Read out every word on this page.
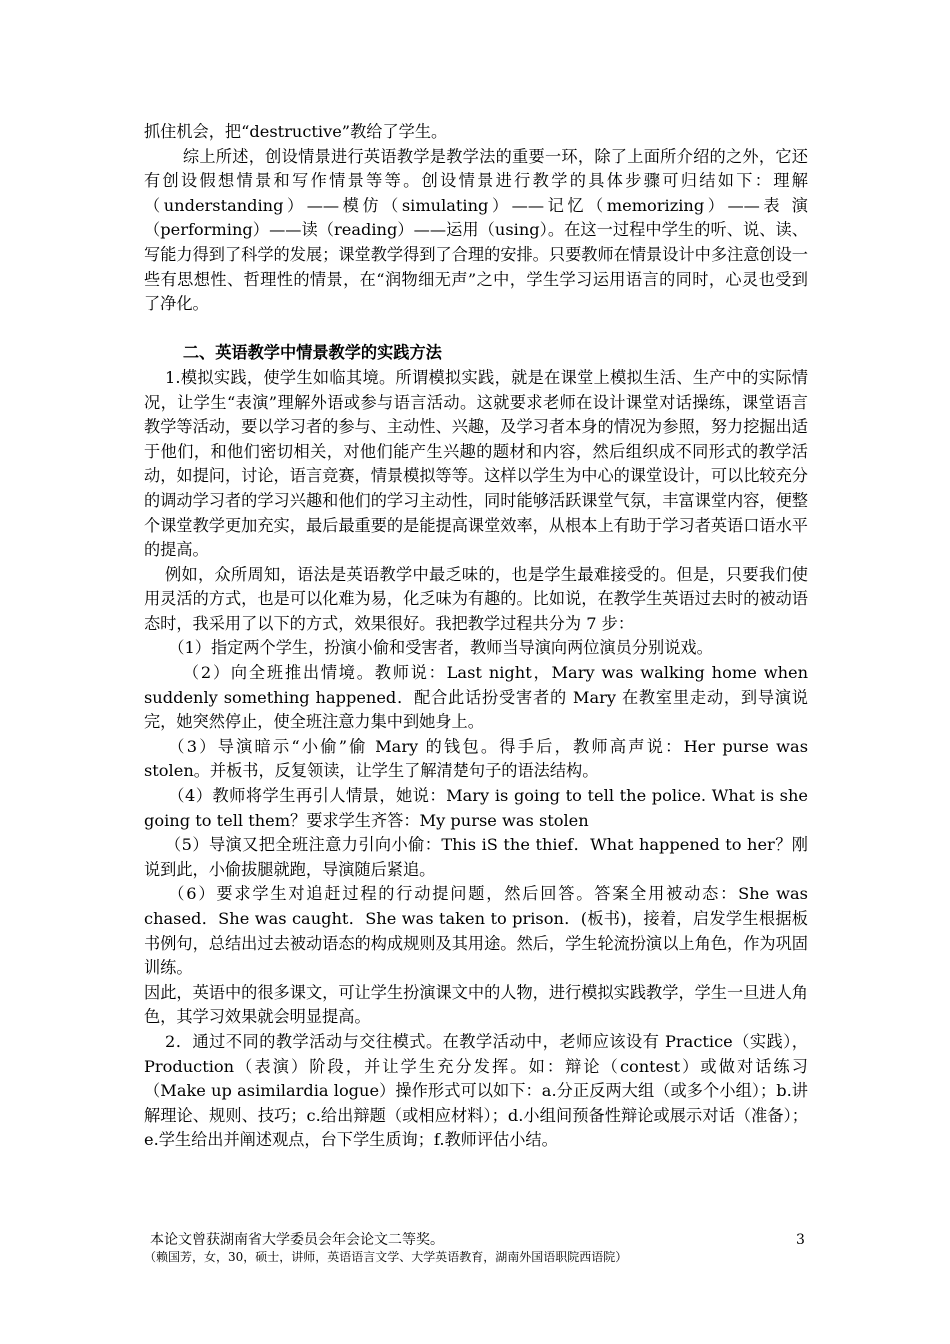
抓住机会，把“destructive”教给了学生。

综上所述，创设情景进行英语教学是教学法的重要一环，除了上面所介绍的之外，它还有创设假想情景和写作情景等等。创设情景进行教学的具体步骤可归结如下：理解（understanding）——模仿（simulating）——记忆（memorizing）——表 演（performing）——读（reading）——运用（using）。在这一过程中学生的听、说、读、写能力得到了科学的发展；课堂教学得到了合理的安排。只要教师在情景设计中多注意创设一些有思想性、哲理性的情景，在“润物细无声”之中，学生学习运用语言的同时，心灵也受到了净化。

二、英语教学中情景教学的实践方法

1.模拟实践，使学生如临其境。所谓模拟实践，就是在课堂上模拟生活、生产中的实际情况，让学生“表演”理解外语或参与语言活动。这就要求老师在设计课堂对话操练，课堂语言教学等活动，要以学习者的参与、主动性、兴趣，及学习者本身的情况为参照，努力挖掘出适于他们，和他们密切相关，对他们能产生兴趣的题材和内容，然后组织成不同形式的教学活动，如提问，讨论，语言竞赛，情景模拟等等。这样以学生为中心的课堂设计，可以比较充分的调动学习者的学习兴趣和他们的学习主动性，同时能够活跃课堂气氛，丰富课堂内容，便整个课堂教学更加充实，最后最重要的是能提高课堂效率，从根本上有助于学习者英语口语水平的提高。

例如，众所周知，语法是英语教学中最乏味的，也是学生最难接受的。但是，只要我们使用灵活的方式，也是可以化难为易，化乏味为有趣的。比如说，在教学生英语过去时的被动语态时，我采用了以下的方式，效果很好。我把教学过程共分为 7 步：

（1）指定两个学生，扮演小偷和受害者，教师当导演向两位演员分别说戏。

（2）向全班推出情境。教师说：Last night，Mary was walking home when suddenly something happened．配合此话扮受害者的 Mary 在教室里走动，到导演说完，她突然停止，使全班注意力集中到她身上。

（3）导演暗示“小偷”偷 Mary 的钱包。得手后，教师高声说：Her purse was stolen。并板书，反复领读，让学生了解清楚句子的语法结构。

（4）教师将学生再引人情景，她说：Mary is going to tell the police. What is she going to tell them？要求学生齐答：My purse was stolen

（5）导演又把全班注意力引向小偷：This iS the thief．What happened to her？刚说到此，小偷拔腿就跑，导演随后紧追。

（6）要求学生对追赶过程的行动提问题，然后回答。答案全用被动态：She was chased．She was caught．She was taken to prison．(板书)，接着，启发学生根据板书例句，总结出过去被动语态的构成规则及其用途。然后，学生轮流扮演以上角色，作为巩固训练。

因此，英语中的很多课文，可让学生扮演课文中的人物，进行模拟实践教学，学生一旦进人角色，其学习效果就会明显提高。

2．通过不同的教学活动与交往模式。在教学活动中，老师应该设有 Practice（实践），Production（表演）阶段，并让学生充分发挥。如：辩论（contest）或做对话练习（Make up asimilardia logue）操作形式可以如下：a.分正反两大组（或多个小组）；b.讲解理论、规则、技巧；c.给出辩题（或相应材料）；d.小组间预备性辩论或展示对话（准备）；e.学生给出并阐述观点，台下学生质询；f.教师评估小结。

本论文曾获湖南省大学委员会年会论文二等奖。	3
（赖国芳，女，30，硕士，讲师，英语语言文学、大学英语教育，湖南外国语职院西语院）
